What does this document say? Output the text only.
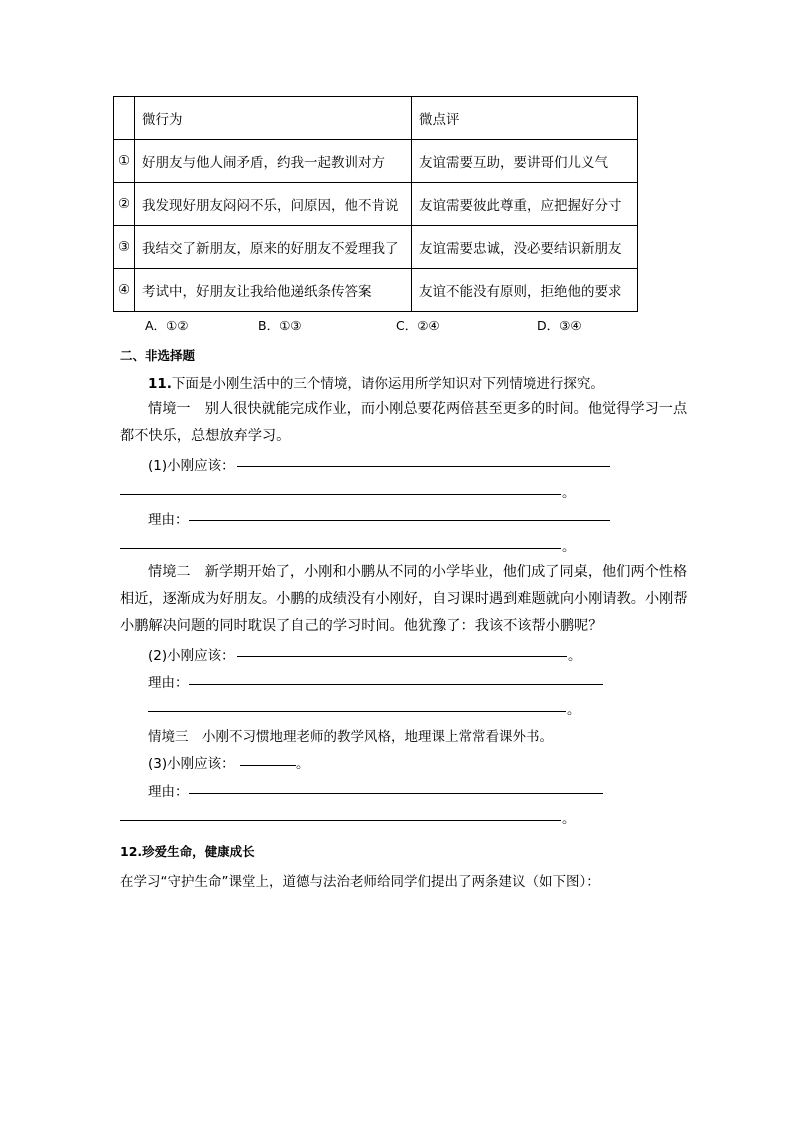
	微行为	微点评
①	好朋友与他人闹矛盾，约我一起教训对方	友谊需要互助，要讲哥们儿义气
②	我发现好朋友闷闷不乐，问原因，他不肯说	友谊需要彼此尊重，应把握好分寸
③	我结交了新朋友，原来的好朋友不爱理我了	友谊需要忠诚，没必要结识新朋友
④	考试中，好朋友让我给他递纸条传答案	友谊不能没有原则，拒绝他的要求
A．①②	B．①③	C．②④	D．③④
二、非选择题
11.下面是小刚生活中的三个情境，请你运用所学知识对下列情境进行探究。
情境一　别人很快就能完成作业，而小刚总要花两倍甚至更多的时间。他觉得学习一点
都不快乐，总想放弃学习。
(1)小刚应该：
。
理由：
。
情境二　新学期开始了，小刚和小鹏从不同的小学毕业，他们成了同桌，他们两个性格
相近，逐渐成为好朋友。小鹏的成绩没有小刚好，自习课时遇到难题就向小刚请教。小刚帮
小鹏解决问题的同时耽误了自己的学习时间。他犹豫了：我该不该帮小鹏呢？
(2)小刚应该：	。
理由：
。
情境三　小刚不习惯地理老师的教学风格，地理课上常常看课外书。
(3)小刚应该：	。
理由：
。
12.珍爱生命，健康成长
在学习“守护生命”课堂上，道德与法治老师给同学们提出了两条建议（如下图）：
